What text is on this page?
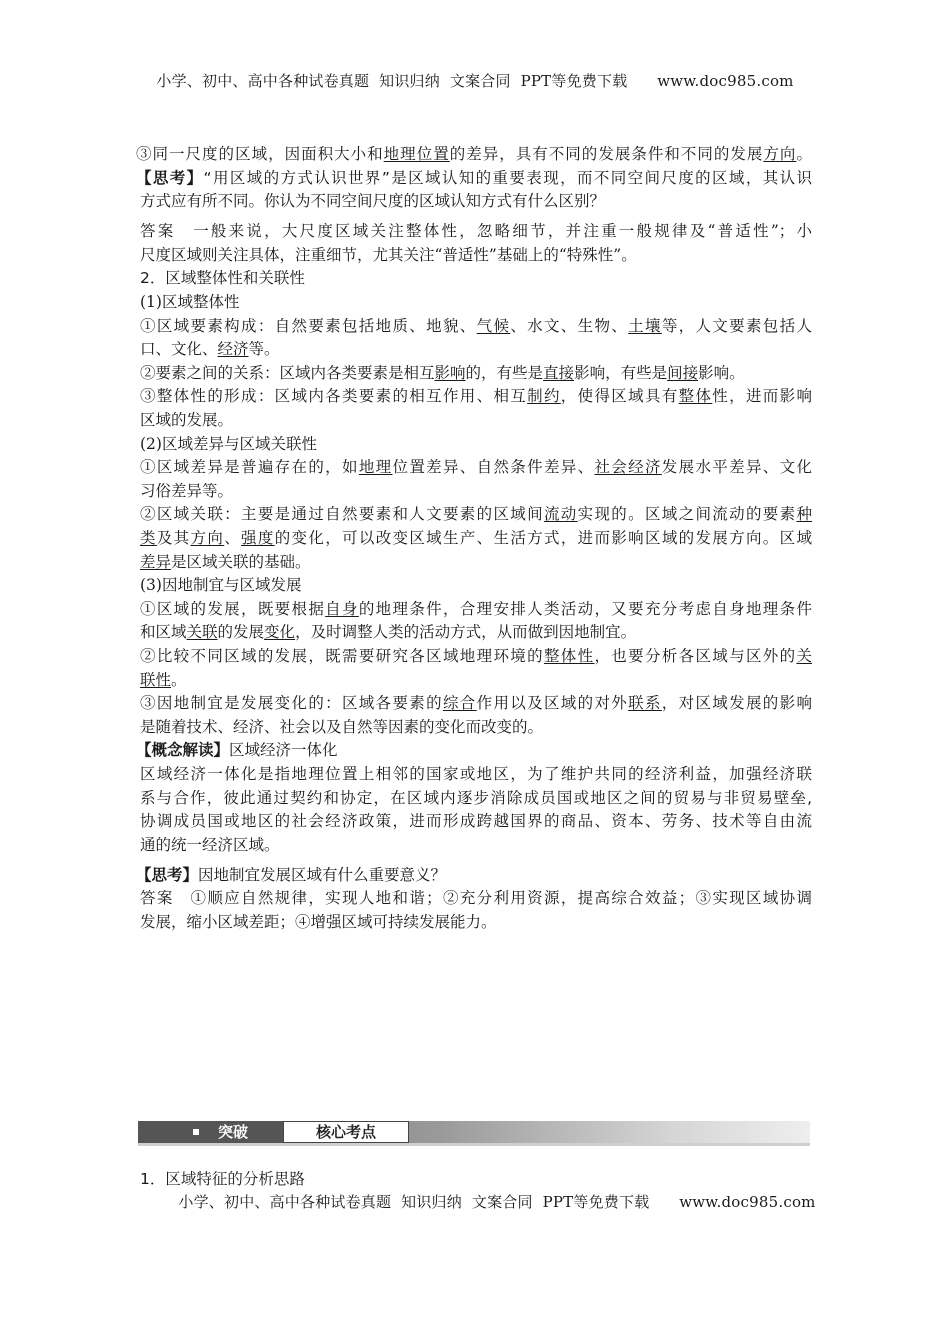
小学、初中、高中各种试卷真题  知识归纳  文案合同  PPT等免费下载      www.doc985.com
③同一尺度的区域，因面积大小和地理位置的差异，具有不同的发展条件和不同的发展方向。
【思考】“用区域的方式认识世界”是区域认知的重要表现，而不同空间尺度的区域，其认识
方式应有所不同。你认为不同空间尺度的区域认知方式有什么区别？
答案　一般来说，大尺度区域关注整体性，忽略细节，并注重一般规律及“普适性”；小
尺度区域则关注具体，注重细节，尤其关注“普适性”基础上的“特殊性”。
2．区域整体性和关联性
(1)区域整体性
①区域要素构成：自然要素包括地质、地貌、气候、水文、生物、土壤等，人文要素包括人
口、文化、经济等。
②要素之间的关系：区域内各类要素是相互影响的，有些是直接影响，有些是间接影响。
③整体性的形成：区域内各类要素的相互作用、相互制约，使得区域具有整体性，进而影响
区域的发展。
(2)区域差异与区域关联性
①区域差异是普遍存在的，如地理位置差异、自然条件差异、社会经济发展水平差异、文化
习俗差异等。
②区域关联：主要是通过自然要素和人文要素的区域间流动实现的。区域之间流动的要素种
类及其方向、强度的变化，可以改变区域生产、生活方式，进而影响区域的发展方向。区域
差异是区域关联的基础。
(3)因地制宜与区域发展
①区域的发展，既要根据自身的地理条件，合理安排人类活动，又要充分考虑自身地理条件
和区域关联的发展变化，及时调整人类的活动方式，从而做到因地制宜。
②比较不同区域的发展，既需要研究各区域地理环境的整体性，也要分析各区域与区外的关
联性。
③因地制宜是发展变化的：区域各要素的综合作用以及区域的对外联系，对区域发展的影响
是随着技术、经济、社会以及自然等因素的变化而改变的。
【概念解读】区域经济一体化
区域经济一体化是指地理位置上相邻的国家或地区，为了维护共同的经济利益，加强经济联
系与合作，彼此通过契约和协定，在区域内逐步消除成员国或地区之间的贸易与非贸易壁垒,
协调成员国或地区的社会经济政策，进而形成跨越国界的商品、资本、劳务、技术等自由流
通的统一经济区域。
【思考】因地制宜发展区域有什么重要意义？
答案　①顺应自然规律，实现人地和谐；②充分利用资源，提高综合效益；③实现区域协调
发展，缩小区域差距；④增强区域可持续发展能力。
突破	核心考点
1．区域特征的分析思路
小学、初中、高中各种试卷真题  知识归纳  文案合同  PPT等免费下载      www.doc985.com
